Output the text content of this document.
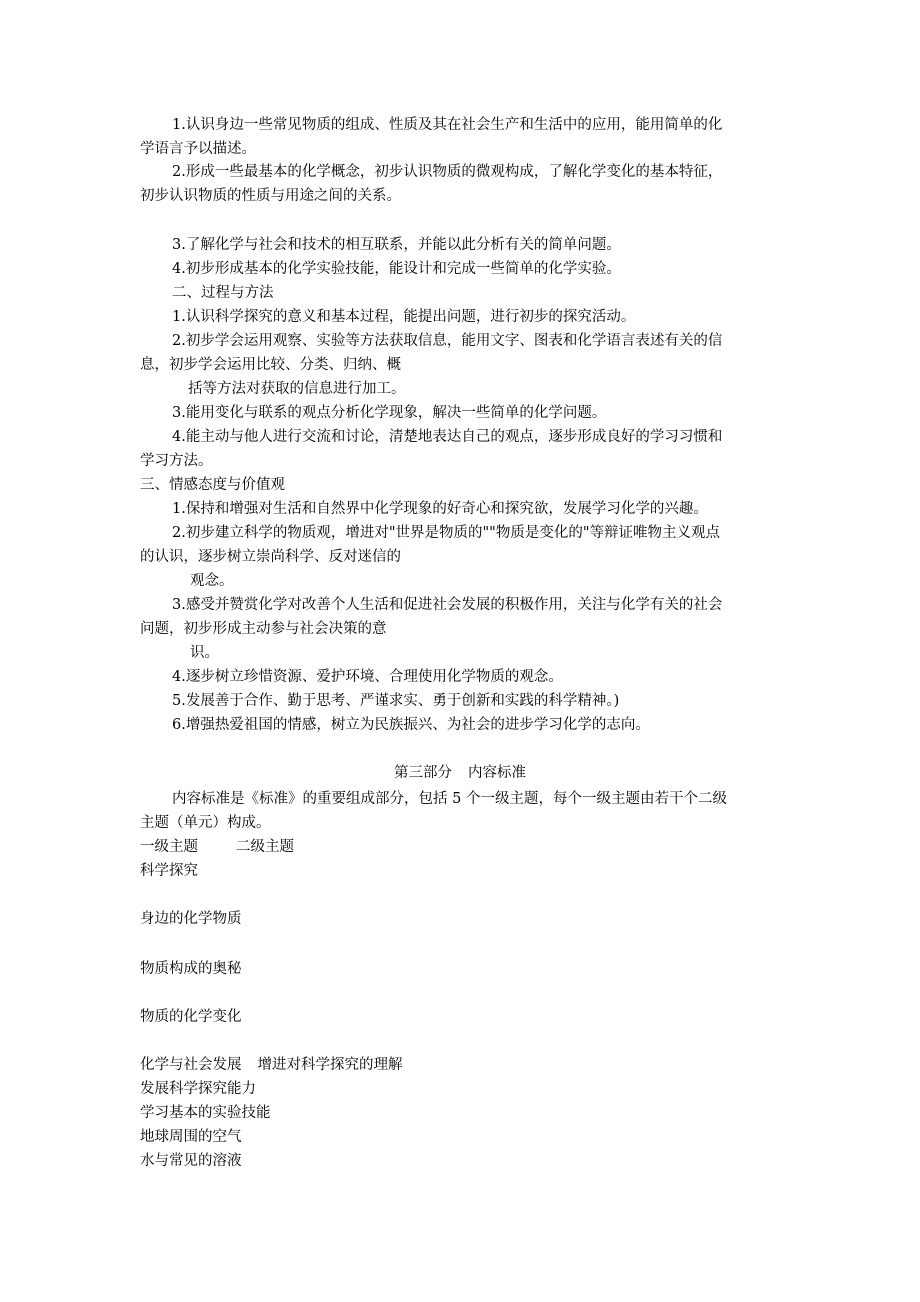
1.认识身边一些常见物质的组成、性质及其在社会生产和生活中的应用，能用简单的化
学语言予以描述。
2.形成一些最基本的化学概念，初步认识物质的微观构成，了解化学变化的基本特征，
初步认识物质的性质与用途之间的关系。
3.了解化学与社会和技术的相互联系，并能以此分析有关的简单问题。
4.初步形成基本的化学实验技能，能设计和完成一些简单的化学实验。
二、过程与方法
1.认识科学探究的意义和基本过程，能提出问题，进行初步的探究活动。
2.初步学会运用观察、实验等方法获取信息，能用文字、图表和化学语言表述有关的信
息，初步学会运用比较、分类、归纳、概
括等方法对获取的信息进行加工。
3.能用变化与联系的观点分析化学现象，解决一些简单的化学问题。
4.能主动与他人进行交流和讨论，清楚地表达自己的观点，逐步形成良好的学习习惯和
学习方法。
三、情感态度与价值观
1.保持和增强对生活和自然界中化学现象的好奇心和探究欲，发展学习化学的兴趣。
2.初步建立科学的物质观，增进对"世界是物质的""物质是变化的"等辩证唯物主义观点
的认识，逐步树立崇尚科学、反对迷信的
观念。
3.感受并赞赏化学对改善个人生活和促进社会发展的积极作用，关注与化学有关的社会
问题，初步形成主动参与社会决策的意
识。
4.逐步树立珍惜资源、爱护环境、合理使用化学物质的观念。
5.发展善于合作、勤于思考、严谨求实、勇于创新和实践的科学精神。)
6.增强热爱祖国的情感，树立为民族振兴、为社会的进步学习化学的志向。
第三部分 内容标准
内容标准是《标准》的重要组成部分，包括 5 个一级主题，每个一级主题由若干个二级
主题（单元）构成。
一级主题	二级主题
科学探究
身边的化学物质
物质构成的奥秘
物质的化学变化
化学与社会发展 增进对科学探究的理解
发展科学探究能力
学习基本的实验技能
地球周围的空气
水与常见的溶液
